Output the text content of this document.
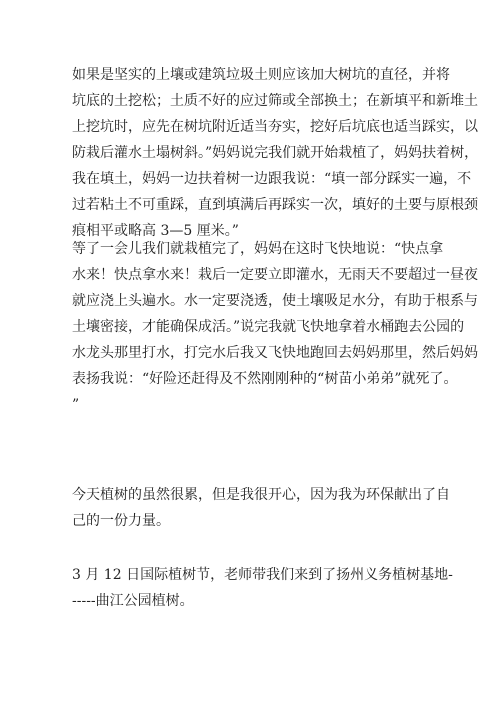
如果是坚实的上壤或建筑垃圾土则应该加大树坑的直径，并将
坑底的土挖松；土质不好的应过筛或全部换土；在新填平和新堆土
上挖坑时，应先在树坑附近适当夯实，挖好后坑底也适当踩实，以
防栽后灌水土塌树斜。”妈妈说完我们就开始栽植了，妈妈扶着树，
我在填土，妈妈一边扶着树一边跟我说：“填一部分踩实一遍，不
过若粘土不可重踩，直到填满后再踩实一次，填好的土要与原根颈
痕相平或略高 3—5 厘米。”
等了一会儿我们就栽植完了，妈妈在这时飞快地说：“快点拿
水来！快点拿水来！栽后一定要立即灌水，无雨天不要超过一昼夜
就应浇上头遍水。水一定要浇透，使土壤吸足水分，有助于根系与
土壤密接，才能确保成活。”说完我就飞快地拿着水桶跑去公园的
水龙头那里打水，打完水后我又飞快地跑回去妈妈那里，然后妈妈
表扬我说：“好险还赶得及不然刚刚种的“树苗小弟弟”就死了。
”
今天植树的虽然很累，但是我很开心，因为我为环保献出了自
己的一份力量。
3 月 12 日国际植树节，老师带我们来到了扬州义务植树基地-
-----曲江公园植树。
